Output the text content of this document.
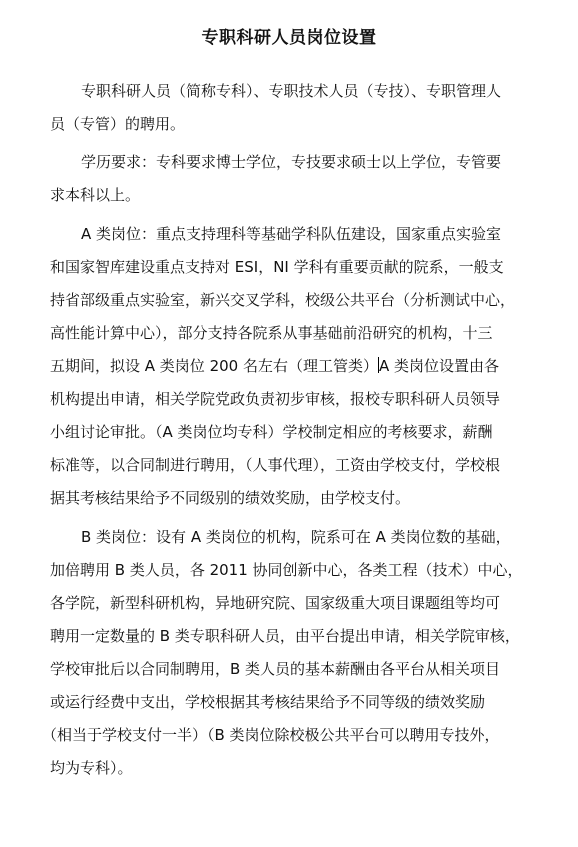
专职科研人员岗位设置
专职科研人员（简称专科）、专职技术人员（专技）、专职管理人
员（专管）的聘用。
学历要求：专科要求博士学位，专技要求硕士以上学位，专管要
求本科以上。
A 类岗位：重点支持理科等基础学科队伍建设，国家重点实验室
和国家智库建设重点支持对 ESI，NI 学科有重要贡献的院系，一般支
持省部级重点实验室，新兴交叉学科，校级公共平台（分析测试中心，
高性能计算中心），部分支持各院系从事基础前沿研究的机构，十三
五期间，拟设 A 类岗位 200 名左右（理工管类）A 类岗位设置由各
机构提出申请，相关学院党政负责初步审核，报校专职科研人员领导
小组讨论审批。（A 类岗位均专科）学校制定相应的考核要求，薪酬
标准等，以合同制进行聘用，（人事代理），工资由学校支付，学校根
据其考核结果给予不同级别的绩效奖励，由学校支付。
B 类岗位：设有 A 类岗位的机构，院系可在 A 类岗位数的基础，
加倍聘用 B 类人员，各 2011 协同创新中心，各类工程（技术）中心，
各学院，新型科研机构，异地研究院、国家级重大项目课题组等均可
聘用一定数量的 B 类专职科研人员，由平台提出申请，相关学院审核，
学校审批后以合同制聘用，B 类人员的基本薪酬由各平台从相关项目
或运行经费中支出，学校根据其考核结果给予不同等级的绩效奖励
（相当于学校支付一半）（B 类岗位除校极公共平台可以聘用专技外，
均为专科）。
